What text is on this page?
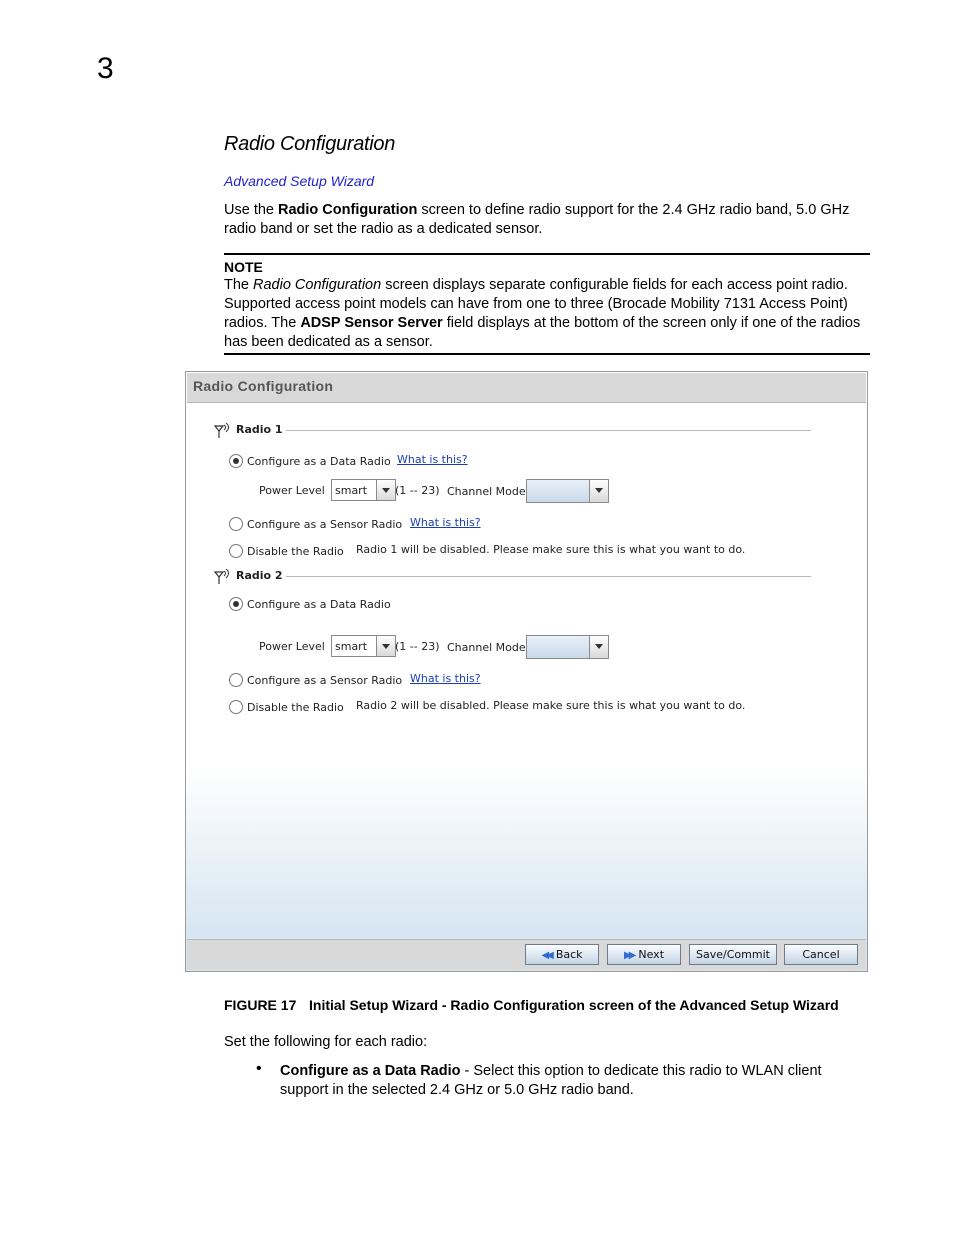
3
Radio Configuration
Advanced Setup Wizard
Use the Radio Configuration screen to define radio support for the 2.4 GHz radio band, 5.0 GHz radio band or set the radio as a dedicated sensor.
NOTE
The Radio Configuration screen displays separate configurable fields for each access point radio. Supported access point models can have from one to three (Brocade Mobility 7131 Access Point) radios. The ADSP Sensor Server field displays at the bottom of the screen only if one of the radios has been dedicated as a sensor.
Radio Configuration
Radio 1
Configure as a Data Radio What is this?
Power Level smart	(1 -- 23) Channel Mode
Configure as a Sensor Radio What is this?
Disable the Radio Radio 1 will be disabled. Please make sure this is what you want to do.
Radio 2
Configure as a Data Radio
Power Level smart	(1 -- 23) Channel Mode
Configure as a Sensor Radio What is this?
Disable the Radio Radio 2 will be disabled. Please make sure this is what you want to do.
◀◀ Back	▶▶ Next	Save/Commit	Cancel
FIGURE 17 Initial Setup Wizard - Radio Configuration screen of the Advanced Setup Wizard
Set the following for each radio:
• Configure as a Data Radio - Select this option to dedicate this radio to WLAN client support in the selected 2.4 GHz or 5.0 GHz radio band.
